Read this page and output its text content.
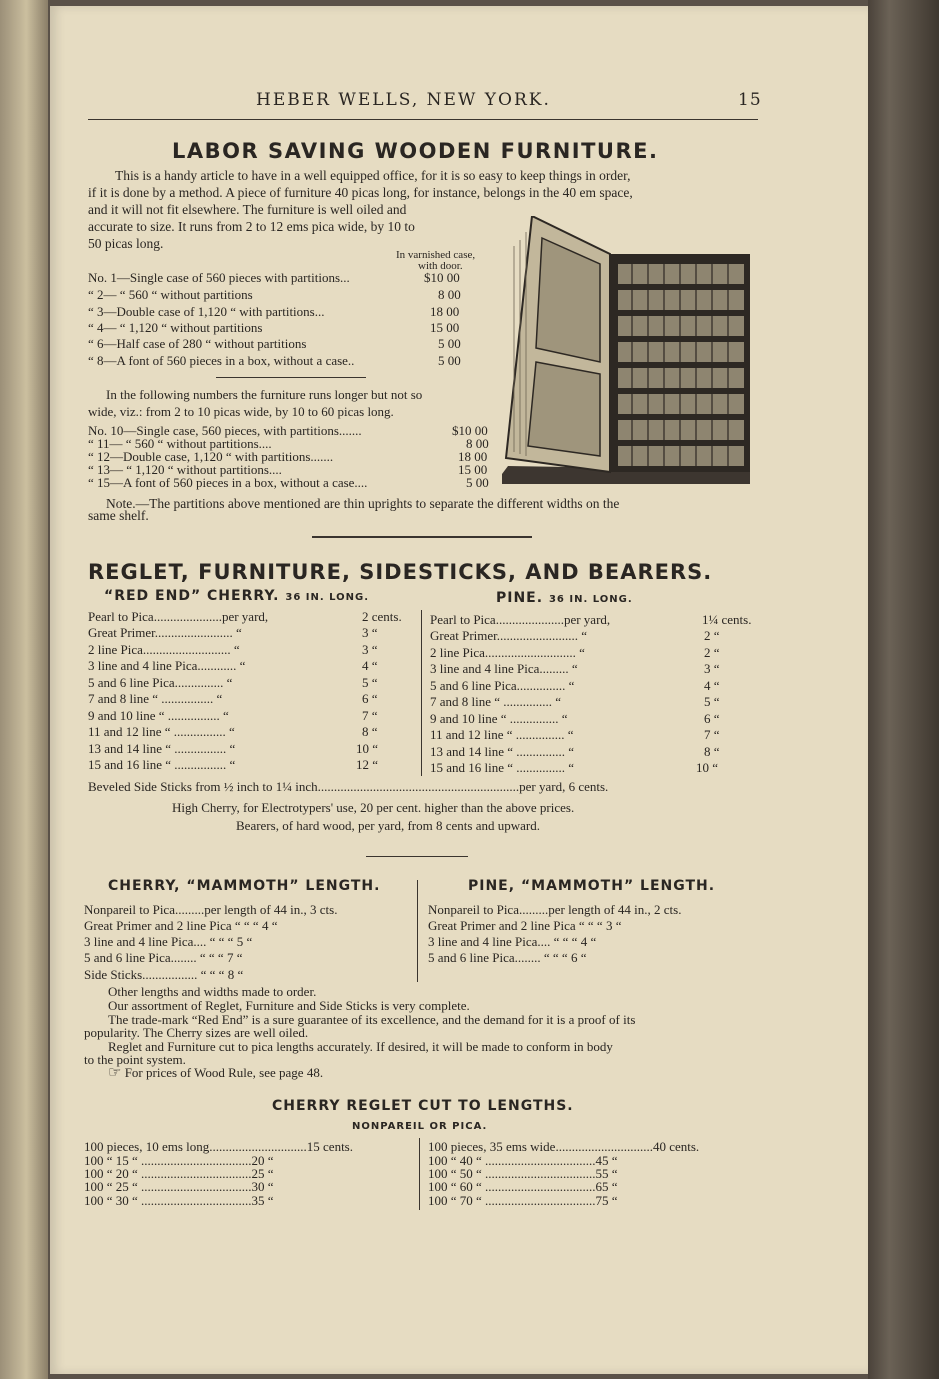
HEBER WELLS, NEW YORK.	15
LABOR SAVING WOODEN FURNITURE.
This is a handy article to have in a well equipped office, for it is so easy to keep things in order,
if it is done by a method. A piece of furniture 40 picas long, for instance, belongs in the 40 em space,
and it will not fit elsewhere. The furniture is well oiled and
accurate to size. It runs from 2 to 12 ems pica wide, by 10 to
50 picas long.
In varnished case,
with door.
No. 1—Single case of 560 pieces with partitions...	$10 00
“ 2— “ 560 “ without partitions	8 00
“ 3—Double case of 1,120 “ with partitions...	18 00
“ 4— “ 1,120 “ without partitions	15 00
“ 6—Half case of 280 “ without partitions	5 00
“ 8—A font of 560 pieces in a box, without a case..	5 00
In the following numbers the furniture runs longer but not so
wide, viz.: from 2 to 10 picas wide, by 10 to 60 picas long.
No. 10—Single case, 560 pieces, with partitions.......	$10 00
“ 11— “ 560 “ without partitions....	8 00
“ 12—Double case, 1,120 “ with partitions.......	18 00
“ 13— “ 1,120 “ without partitions....	15 00
“ 15—A font of 560 pieces in a box, without a case....	5 00
Note.—The partitions above mentioned are thin uprights to separate the different widths on the
same shelf.
REGLET, FURNITURE, SIDESTICKS, AND BEARERS.
“RED END” CHERRY. 36 IN. LONG.	PINE. 36 IN. LONG.
Pearl to Pica.....................per yard,	2 cents.
Great Primer........................ “	3 “
2 line Pica........................... “	3 “
3 line and 4 line Pica............ “	4 “
5 and 6 line Pica............... “	5 “
7 and 8 line “ ................ “	6 “
9 and 10 line “ ................ “	7 “
11 and 12 line “ ................ “	8 “
13 and 14 line “ ................ “	10 “
15 and 16 line “ ................ “	12 “
Pearl to Pica.....................per yard,	1¼ cents.
Great Primer......................... “	2 “
2 line Pica............................ “	2 “
3 line and 4 line Pica......... “	3 “
5 and 6 line Pica............... “	4 “
7 and 8 line “ ............... “	5 “
9 and 10 line “ ............... “	6 “
11 and 12 line “ ............... “	7 “
13 and 14 line “ ............... “	8 “
15 and 16 line “ ............... “	10 “
Beveled Side Sticks from ½ inch to 1¼ inch..............................................................per yard, 6 cents.
High Cherry, for Electrotypers' use, 20 per cent. higher than the above prices.
Bearers, of hard wood, per yard, from 8 cents and upward.
CHERRY, “MAMMOTH” LENGTH.	PINE, “MAMMOTH” LENGTH.
Nonpareil to Pica.........per length of 44 in., 3 cts.
Great Primer and 2 line Pica “ “ “ 4 “
3 line and 4 line Pica.... “ “ “ 5 “
5 and 6 line Pica........ “ “ “ 7 “
Side Sticks................. “ “ “ 8 “
Nonpareil to Pica.........per length of 44 in., 2 cts.
Great Primer and 2 line Pica “ “ “ 3 “
3 line and 4 line Pica.... “ “ “ 4 “
5 and 6 line Pica........ “ “ “ 6 “
Other lengths and widths made to order.
Our assortment of Reglet, Furniture and Side Sticks is very complete.
The trade-mark “Red End” is a sure guarantee of its excellence, and the demand for it is a proof of its
popularity. The Cherry sizes are well oiled.
Reglet and Furniture cut to pica lengths accurately. If desired, it will be made to conform in body
to the point system.
☞ For prices of Wood Rule, see page 48.
CHERRY REGLET CUT TO LENGTHS.
NONPAREIL OR PICA.
100 pieces, 10 ems long..............................15 cents.
100 “ 15 “ ..................................20 “
100 “ 20 “ ..................................25 “
100 “ 25 “ ..................................30 “
100 “ 30 “ ..................................35 “
100 pieces, 35 ems wide..............................40 cents.
100 “ 40 “ ..................................45 “
100 “ 50 “ ..................................55 “
100 “ 60 “ ..................................65 “
100 “ 70 “ ..................................75 “
